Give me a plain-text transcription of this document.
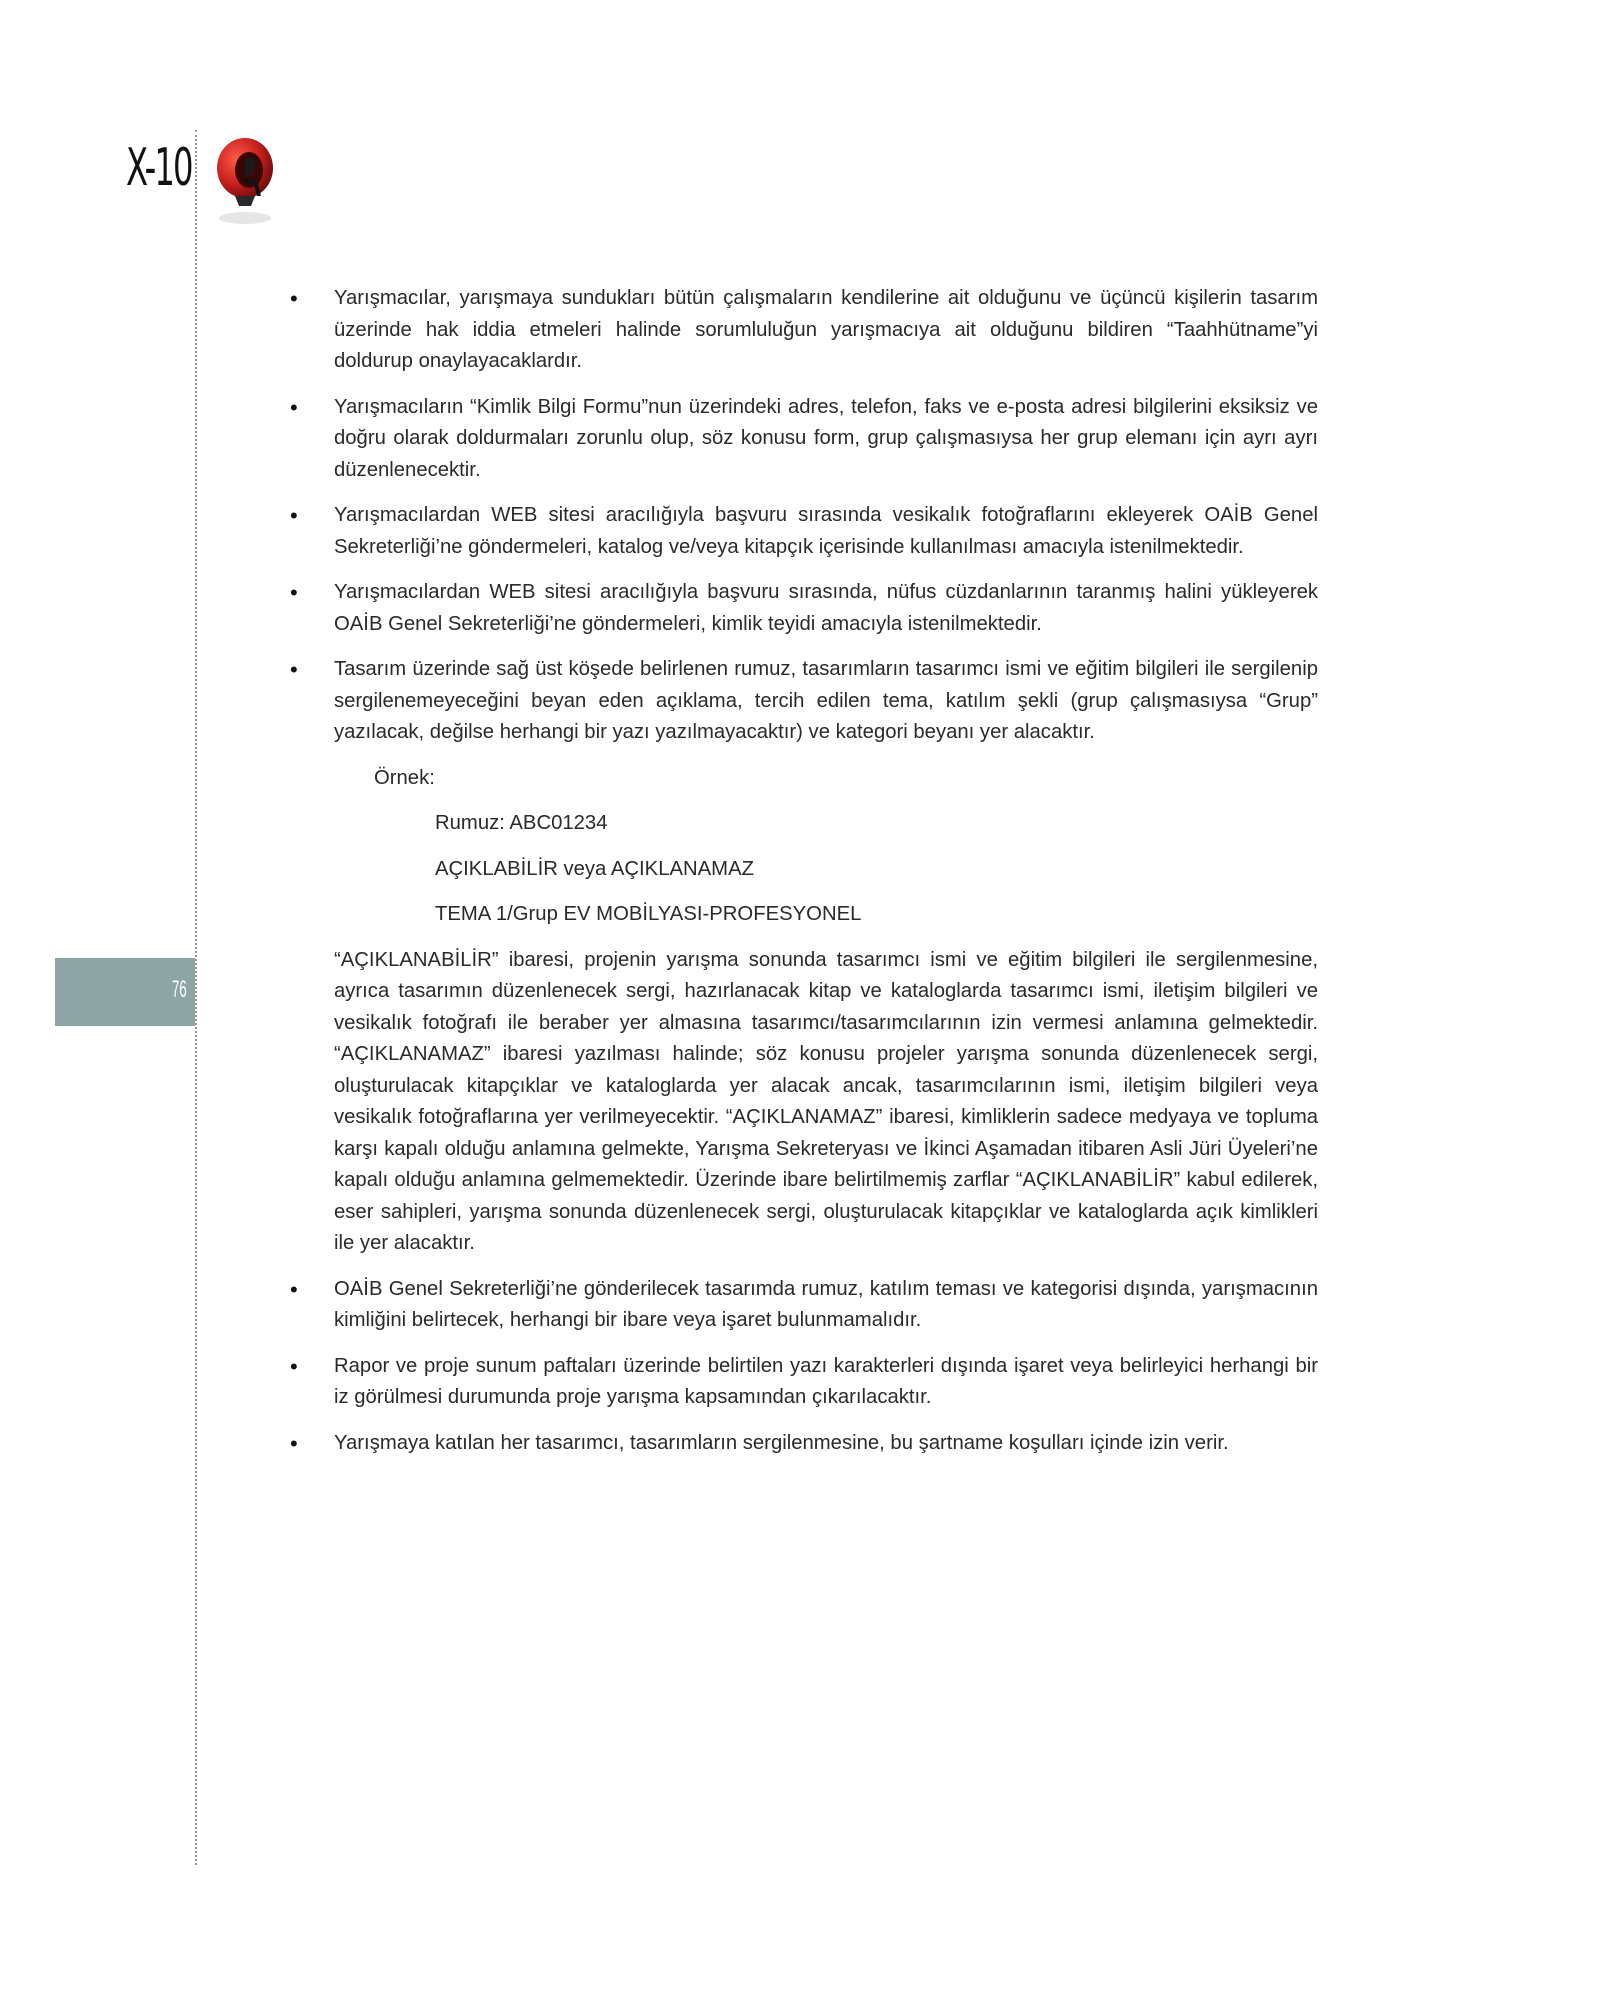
X-10
76
• Yarışmacılar, yarışmaya sundukları bütün çalışmaların kendilerine ait olduğunu ve üçüncü kişilerin tasarım üzerinde hak iddia etmeleri halinde sorumluluğun yarışmacıya ait olduğunu bildiren “Taahhütname”yi doldurup onaylayacaklardır.
• Yarışmacıların “Kimlik Bilgi Formu”nun üzerindeki adres, telefon, faks ve e-posta adresi bilgilerini eksiksiz ve doğru olarak doldurmaları zorunlu olup, söz konusu form, grup çalışmasıysa her grup elemanı için ayrı ayrı düzenlenecektir.
• Yarışmacılardan WEB sitesi aracılığıyla başvuru sırasında vesikalık fotoğraflarını ekleyerek OAİB Genel Sekreterliği’ne göndermeleri, katalog ve/veya kitapçık içerisinde kullanılması amacıyla istenilmektedir.
• Yarışmacılardan WEB sitesi aracılığıyla başvuru sırasında, nüfus cüzdanlarının taranmış halini yükleyerek OAİB Genel Sekreterliği’ne göndermeleri, kimlik teyidi amacıyla istenilmektedir.
• Tasarım üzerinde sağ üst köşede belirlenen rumuz, tasarımların tasarımcı ismi ve eğitim bilgileri ile sergilenip sergilenemeyeceğini beyan eden açıklama, tercih edilen tema, katılım şekli (grup çalışmasıysa “Grup” yazılacak, değilse herhangi bir yazı yazılmayacaktır) ve kategori beyanı yer alacaktır.
Örnek:
Rumuz: ABC01234
AÇIKLABİLİR veya AÇIKLANAMAZ
TEMA 1/Grup EV MOBİLYASI-PROFESYONEL
“AÇIKLANABİLİR” ibaresi, projenin yarışma sonunda tasarımcı ismi ve eğitim bilgileri ile sergilenmesine, ayrıca tasarımın düzenlenecek sergi, hazırlanacak kitap ve kataloglarda tasarımcı ismi, iletişim bilgileri ve vesikalık fotoğrafı ile beraber yer almasına tasarımcı/tasarımcılarının izin vermesi anlamına gelmektedir. “AÇIKLANAMAZ” ibaresi yazılması halinde; söz konusu projeler yarışma sonunda düzenlenecek sergi, oluşturulacak kitapçıklar ve kataloglarda yer alacak ancak, tasarımcılarının ismi, iletişim bilgileri veya vesikalık fotoğraflarına yer verilmeyecektir. “AÇIKLANAMAZ” ibaresi, kimliklerin sadece medyaya ve topluma karşı kapalı olduğu anlamına gelmekte, Yarışma Sekreteryası ve İkinci Aşamadan itibaren Asli Jüri Üyeleri’ne kapalı olduğu anlamına gelmemektedir. Üzerinde ibare belirtilmemiş zarflar “AÇIKLANABİLİR” kabul edilerek, eser sahipleri, yarışma sonunda düzenlenecek sergi, oluşturulacak kitapçıklar ve kataloglarda açık kimlikleri ile yer alacaktır.
• OAİB Genel Sekreterliği’ne gönderilecek tasarımda rumuz, katılım teması ve kategorisi dışında, yarışmacının kimliğini belirtecek, herhangi bir ibare veya işaret bulunmamalıdır.
• Rapor ve proje sunum paftaları üzerinde belirtilen yazı karakterleri dışında işaret veya belirleyici herhangi bir iz görülmesi durumunda proje yarışma kapsamından çıkarılacaktır.
• Yarışmaya katılan her tasarımcı, tasarımların sergilenmesine, bu şartname koşulları içinde izin verir.
